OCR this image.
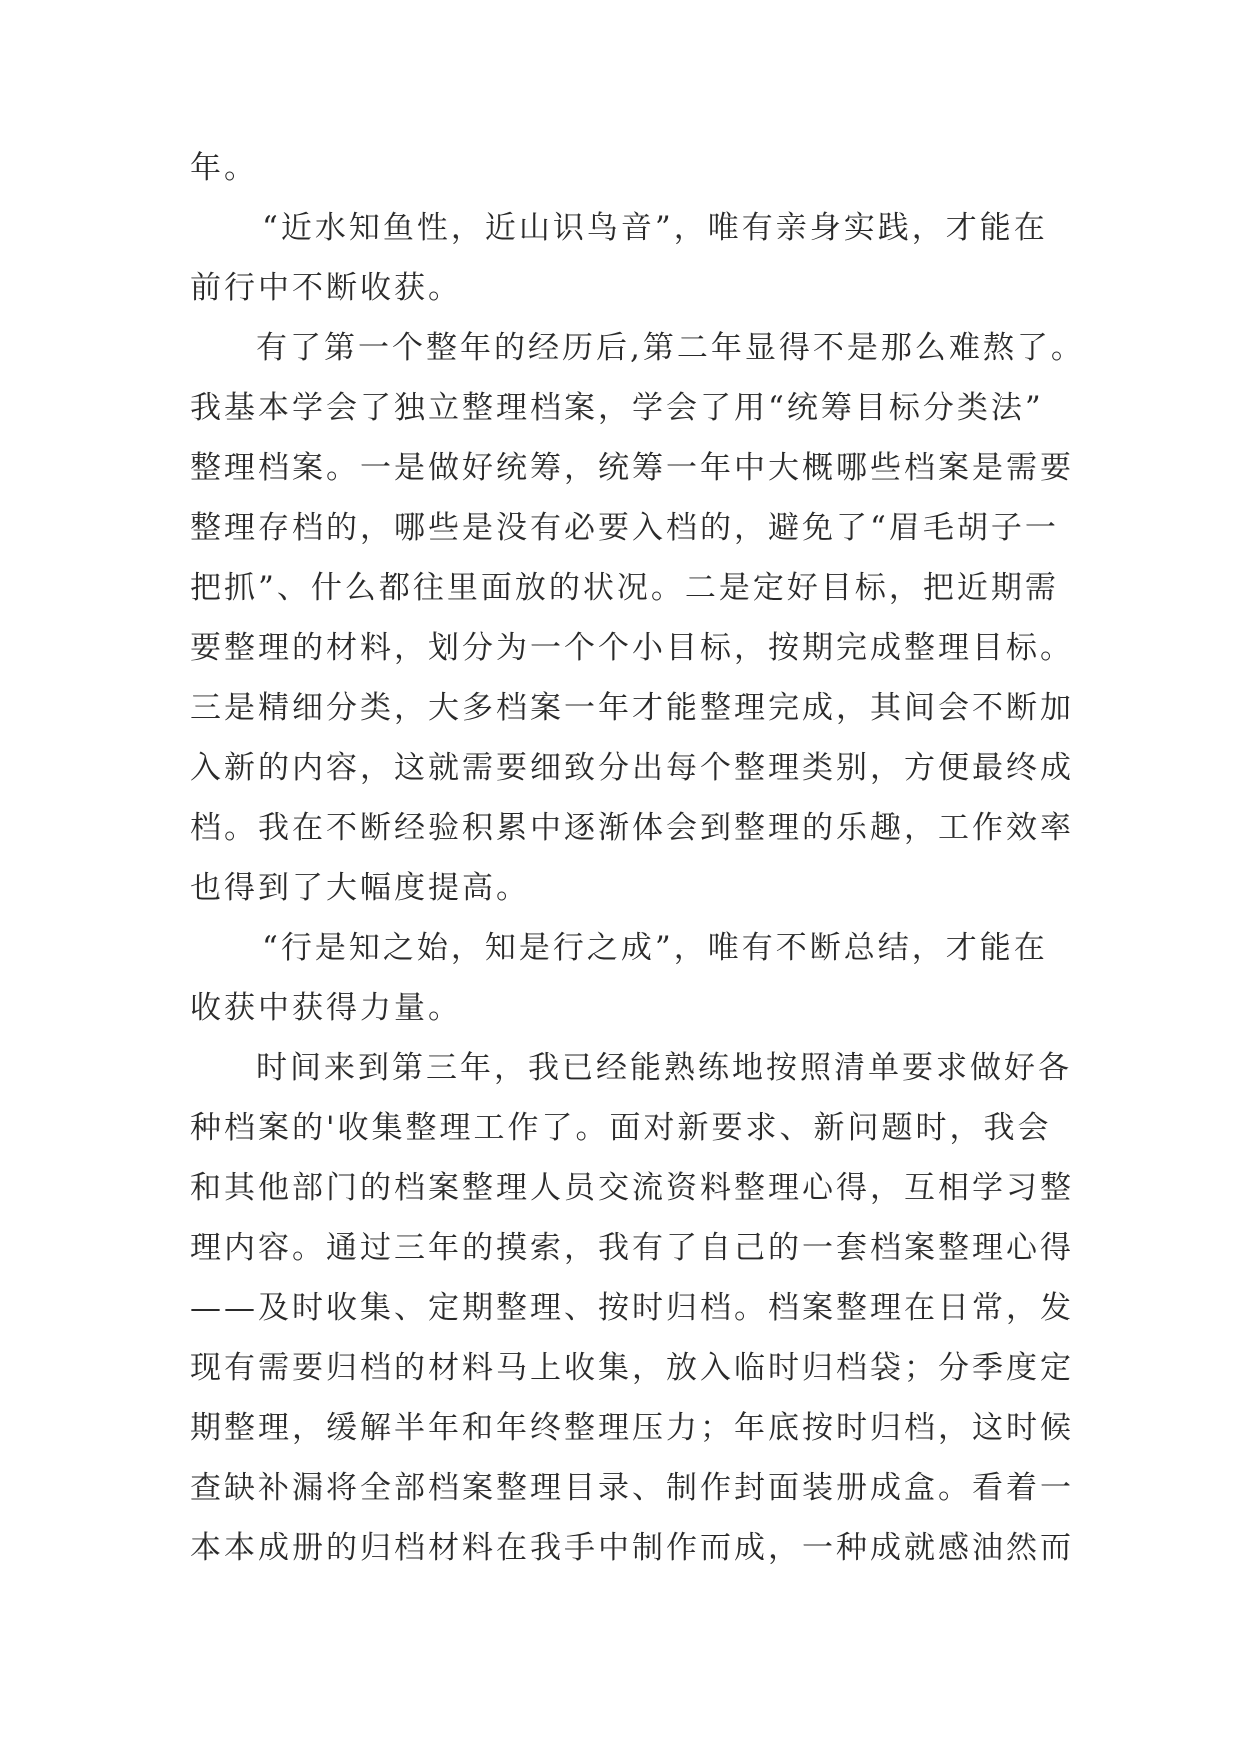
年。
“近水知鱼性，近山识鸟音”，唯有亲身实践，才能在
前行中不断收获。
有了第一个整年的经历后,第二年显得不是那么难熬了。
我基本学会了独立整理档案，学会了用“统筹目标分类法”
整理档案。一是做好统筹，统筹一年中大概哪些档案是需要
整理存档的，哪些是没有必要入档的，避免了“眉毛胡子一
把抓”、什么都往里面放的状况。二是定好目标，把近期需
要整理的材料，划分为一个个小目标，按期完成整理目标。
三是精细分类，大多档案一年才能整理完成，其间会不断加
入新的内容，这就需要细致分出每个整理类别，方便最终成
档。我在不断经验积累中逐渐体会到整理的乐趣，工作效率
也得到了大幅度提高。
“行是知之始，知是行之成”，唯有不断总结，才能在
收获中获得力量。
时间来到第三年，我已经能熟练地按照清单要求做好各
种档案的'收集整理工作了。面对新要求、新问题时，我会
和其他部门的档案整理人员交流资料整理心得，互相学习整
理内容。通过三年的摸索，我有了自己的一套档案整理心得
——及时收集、定期整理、按时归档。档案整理在日常，发
现有需要归档的材料马上收集，放入临时归档袋；分季度定
期整理，缓解半年和年终整理压力；年底按时归档，这时候
查缺补漏将全部档案整理目录、制作封面装册成盒。看着一
本本成册的归档材料在我手中制作而成，一种成就感油然而
